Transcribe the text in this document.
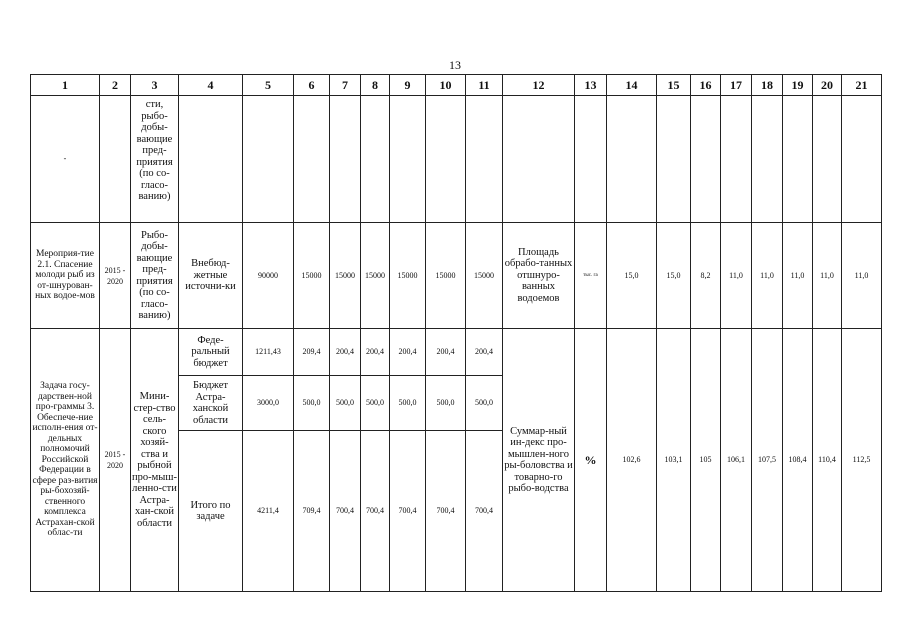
13
1	2	3	4	5	6	7	8	9	10	11	12	13	14	15	16	17	18	19	20	21
-		сти, рыбо-добы-вающие пред-приятия (по со-гласо-ванию)																		
Мероприя-тие 2.1. Спасение молоди рыб из от-шнурован-ных водое-мов	2015 - 2020	Рыбо-добы-вающие пред-приятия (по со-гласо-ванию)	Внебюд-жетные источни-ки	90000	15000	15000	15000	15000	15000	15000	Площадь обрабо-танных отшнуро-ванных водоемов	тыс. га	15,0	15,0	8,2	11,0	11,0	11,0	11,0	11,0
Задача госу-дарствен-ной про-граммы 3. Обеспече-ние исполн-ения от-дельных полномочий Российской Федерации в сфере раз-вития ры-бохозяй-ственного комплекса Астрахан-ской облас-ти	2015 - 2020	Мини-стер-ство сель-ского хозяй-ства и рыбной про-мыш-ленно-сти Астра-хан-ской области	Феде-ральный бюджет	1211,43	209,4	200,4	200,4	200,4	200,4	200,4	Суммар-ный ин-декс про-мышлен-ного ры-боловства и товарно-го рыбо-водства	%	102,6	103,1	105	106,1	107,5	108,4	110,4	112,5
			Бюджет Астра-ханской области	3000,0	500,0	500,0	500,0	500,0	500,0	500,0										
			Итого по задаче	4211,4	709,4	700,4	700,4	700,4	700,4	700,4										
